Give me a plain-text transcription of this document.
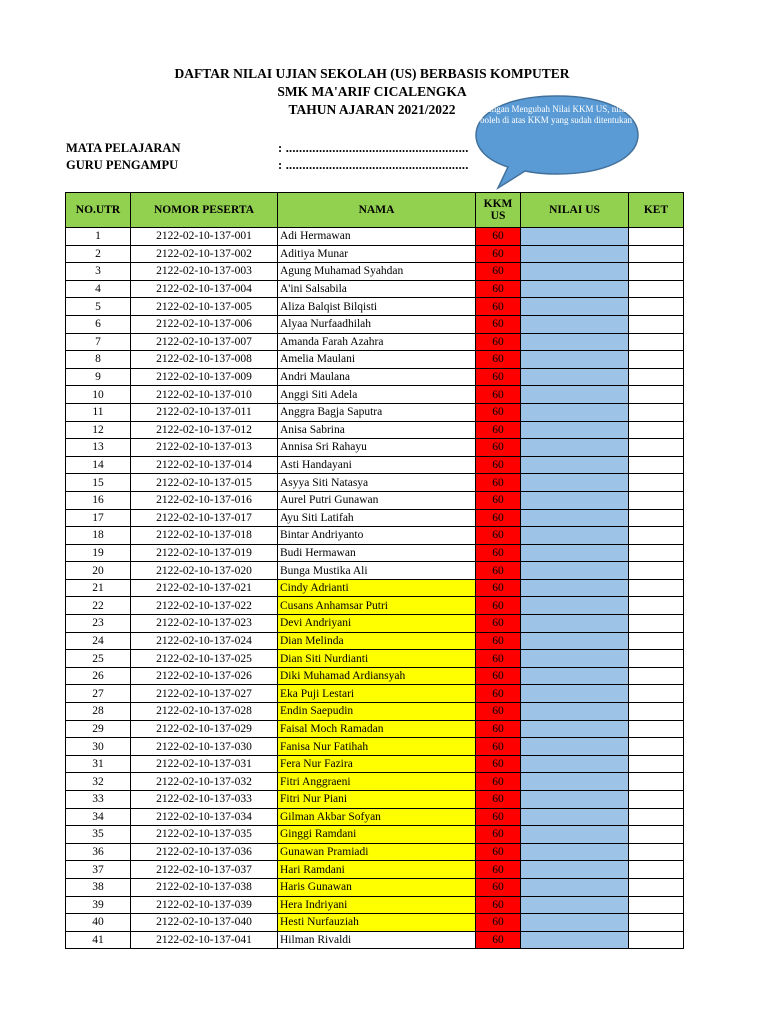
DAFTAR NILAI UJIAN SEKOLAH (US) BERBASIS KOMPUTER
SMK MA'ARIF CICALENGKA
TAHUN AJARAN 2021/2022
MATA PELAJARAN	: .......................................................
GURU PENGAMPU	: .......................................................
Jangan Mengubah Nilai KKM US, nilai boleh di atas KKM yang sudah ditentukan
NO.UTR	NOMOR PESERTA	NAMA	KKM US	NILAI US	KET
1	2122-02-10-137-001	Adi Hermawan	60		
2	2122-02-10-137-002	Aditiya Munar	60		
3	2122-02-10-137-003	Agung Muhamad Syahdan	60		
4	2122-02-10-137-004	A'ini Salsabila	60		
5	2122-02-10-137-005	Aliza Balqist Bilqisti	60		
6	2122-02-10-137-006	Alyaa Nurfaadhilah	60		
7	2122-02-10-137-007	Amanda Farah Azahra	60		
8	2122-02-10-137-008	Amelia Maulani	60		
9	2122-02-10-137-009	Andri Maulana	60		
10	2122-02-10-137-010	Anggi Siti Adela	60		
11	2122-02-10-137-011	Anggra Bagja Saputra	60		
12	2122-02-10-137-012	Anisa Sabrina	60		
13	2122-02-10-137-013	Annisa Sri Rahayu	60		
14	2122-02-10-137-014	Asti Handayani	60		
15	2122-02-10-137-015	Asyya Siti Natasya	60		
16	2122-02-10-137-016	Aurel Putri Gunawan	60		
17	2122-02-10-137-017	Ayu Siti Latifah	60		
18	2122-02-10-137-018	Bintar Andriyanto	60		
19	2122-02-10-137-019	Budi Hermawan	60		
20	2122-02-10-137-020	Bunga Mustika Ali	60		
21	2122-02-10-137-021	Cindy Adrianti	60		
22	2122-02-10-137-022	Cusans Anhamsar Putri	60		
23	2122-02-10-137-023	Devi Andriyani	60		
24	2122-02-10-137-024	Dian Melinda	60		
25	2122-02-10-137-025	Dian Siti Nurdianti	60		
26	2122-02-10-137-026	Diki Muhamad Ardiansyah	60		
27	2122-02-10-137-027	Eka Puji Lestari	60		
28	2122-02-10-137-028	Endin Saepudin	60		
29	2122-02-10-137-029	Faisal Moch Ramadan	60		
30	2122-02-10-137-030	Fanisa Nur Fatihah	60		
31	2122-02-10-137-031	Fera Nur Fazira	60		
32	2122-02-10-137-032	Fitri Anggraeni	60		
33	2122-02-10-137-033	Fitri Nur Piani	60		
34	2122-02-10-137-034	Gilman Akbar Sofyan	60		
35	2122-02-10-137-035	Ginggi Ramdani	60		
36	2122-02-10-137-036	Gunawan Pramiadi	60		
37	2122-02-10-137-037	Hari Ramdani	60		
38	2122-02-10-137-038	Haris Gunawan	60		
39	2122-02-10-137-039	Hera Indriyani	60		
40	2122-02-10-137-040	Hesti Nurfauziah	60		
41	2122-02-10-137-041	Hilman Rivaldi	60		
